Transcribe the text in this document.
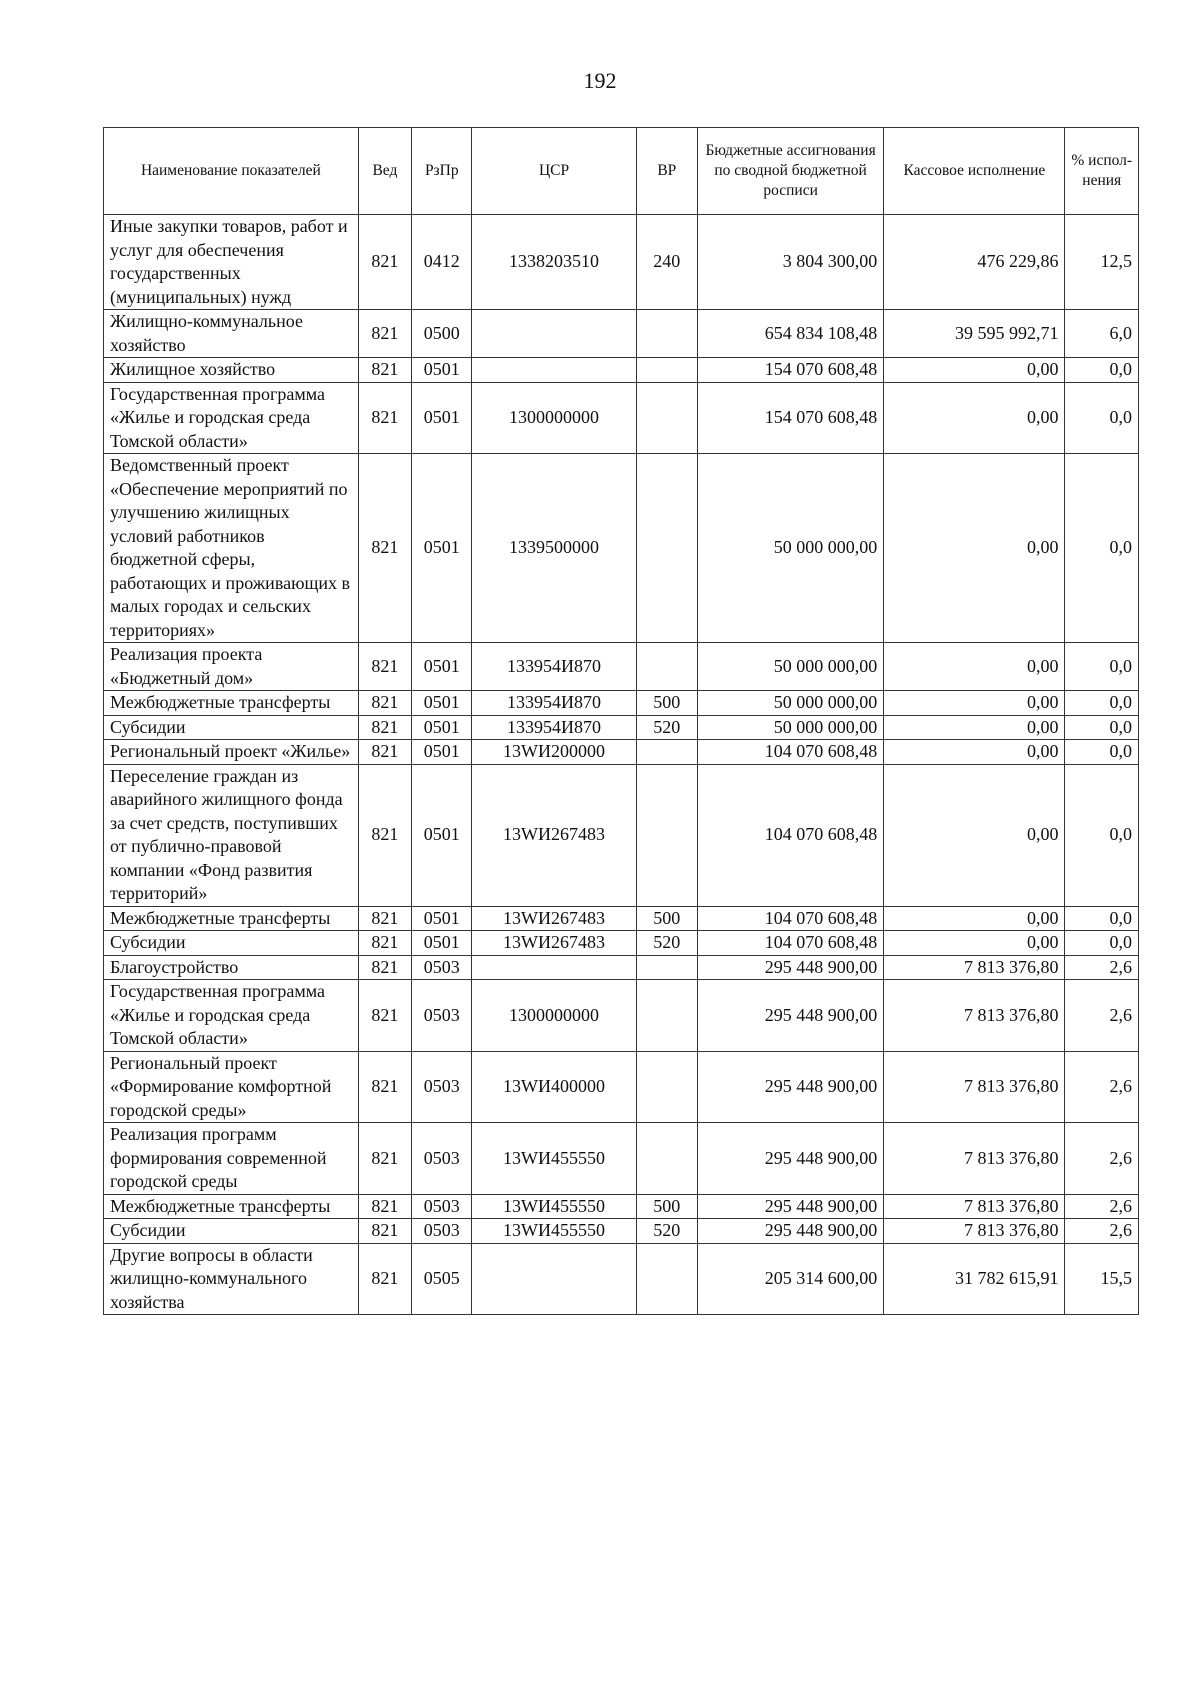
192
Наименование показателей	Вед	РзПр	ЦСР	ВР	Бюджетные ассигнования по сводной бюджетной росписи	Кассовое исполнение	% испол- нения
Иные закупки товаров, работ и услуг для обеспечения государственных (муниципальных) нужд	821	0412	1338203510	240	3 804 300,00	476 229,86	12,5
Жилищно-коммунальное хозяйство	821	0500			654 834 108,48	39 595 992,71	6,0
Жилищное хозяйство	821	0501			154 070 608,48	0,00	0,0
Государственная программа «Жилье и городская среда Томской области»	821	0501	1300000000		154 070 608,48	0,00	0,0
Ведомственный проект «Обеспечение мероприятий по улучшению жилищных условий работников бюджетной сферы, работающих и проживающих в малых городах и сельских территориях»	821	0501	1339500000		50 000 000,00	0,00	0,0
Реализация проекта «Бюджетный дом»	821	0501	133954И870		50 000 000,00	0,00	0,0
Межбюджетные трансферты	821	0501	133954И870	500	50 000 000,00	0,00	0,0
Субсидии	821	0501	133954И870	520	50 000 000,00	0,00	0,0
Региональный проект «Жилье»	821	0501	13WИ200000		104 070 608,48	0,00	0,0
Переселение граждан из аварийного жилищного фонда за счет средств, поступивших от публично-правовой компании «Фонд развития территорий»	821	0501	13WИ267483		104 070 608,48	0,00	0,0
Межбюджетные трансферты	821	0501	13WИ267483	500	104 070 608,48	0,00	0,0
Субсидии	821	0501	13WИ267483	520	104 070 608,48	0,00	0,0
Благоустройство	821	0503			295 448 900,00	7 813 376,80	2,6
Государственная программа «Жилье и городская среда Томской области»	821	0503	1300000000		295 448 900,00	7 813 376,80	2,6
Региональный проект «Формирование комфортной городской среды»	821	0503	13WИ400000		295 448 900,00	7 813 376,80	2,6
Реализация программ формирования современной городской среды	821	0503	13WИ455550		295 448 900,00	7 813 376,80	2,6
Межбюджетные трансферты	821	0503	13WИ455550	500	295 448 900,00	7 813 376,80	2,6
Субсидии	821	0503	13WИ455550	520	295 448 900,00	7 813 376,80	2,6
Другие вопросы в области жилищно-коммунального хозяйства	821	0505			205 314 600,00	31 782 615,91	15,5
